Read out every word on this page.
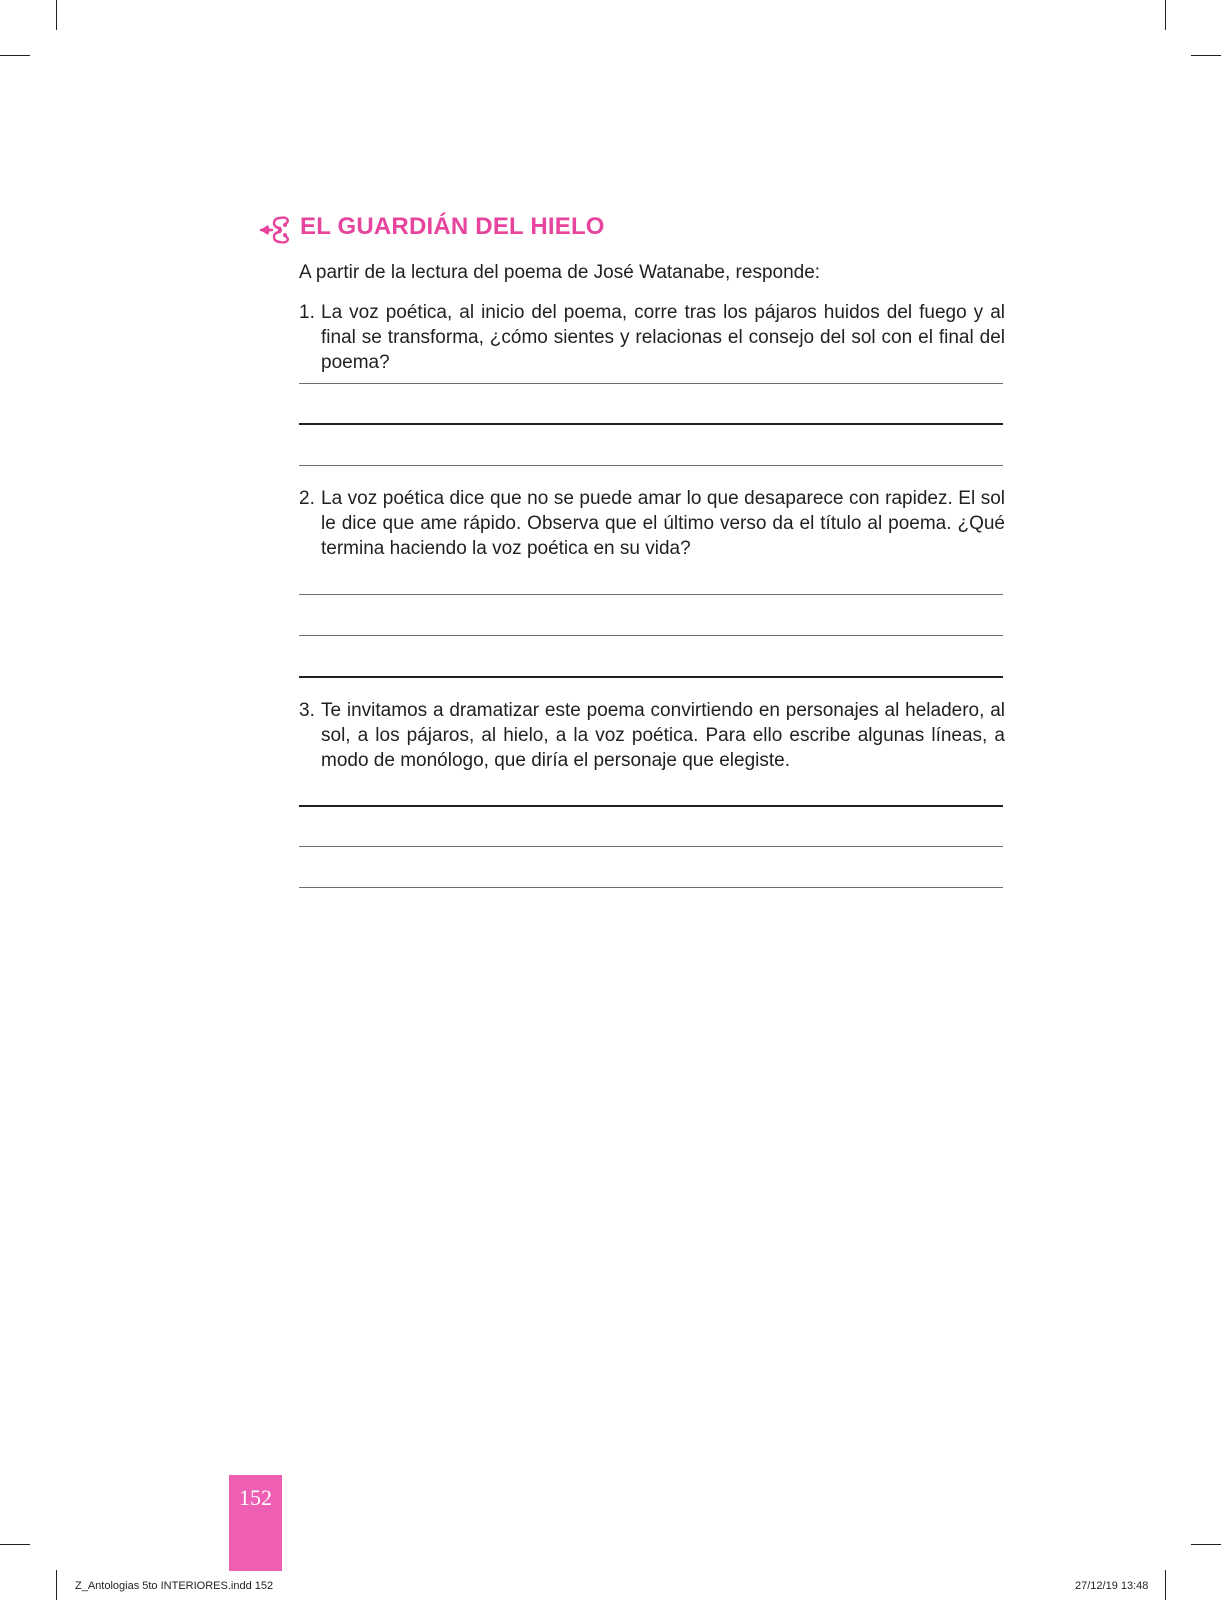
EL GUARDIÁN DEL HIELO

A partir de la lectura del poema de José Watanabe, responde:

1. La voz poética, al inicio del poema, corre tras los pájaros huidos del fuego y al final se transforma, ¿cómo sientes y relacionas el consejo del sol con el final del poema?
2. La voz poética dice que no se puede amar lo que desaparece con rapidez. El sol le dice que ame rápido. Observa que el último verso da el título al poema. ¿Qué termina haciendo la voz poética en su vida?
3. Te invitamos a dramatizar este poema convirtiendo en personajes al heladero, al sol, a los pájaros, al hielo, a la voz poética. Para ello escribe algunas líneas, a modo de monólogo, que diría el personaje que elegiste.
152
Z_Antologias 5to INTERIORES.indd 152	27/12/19 13:48
